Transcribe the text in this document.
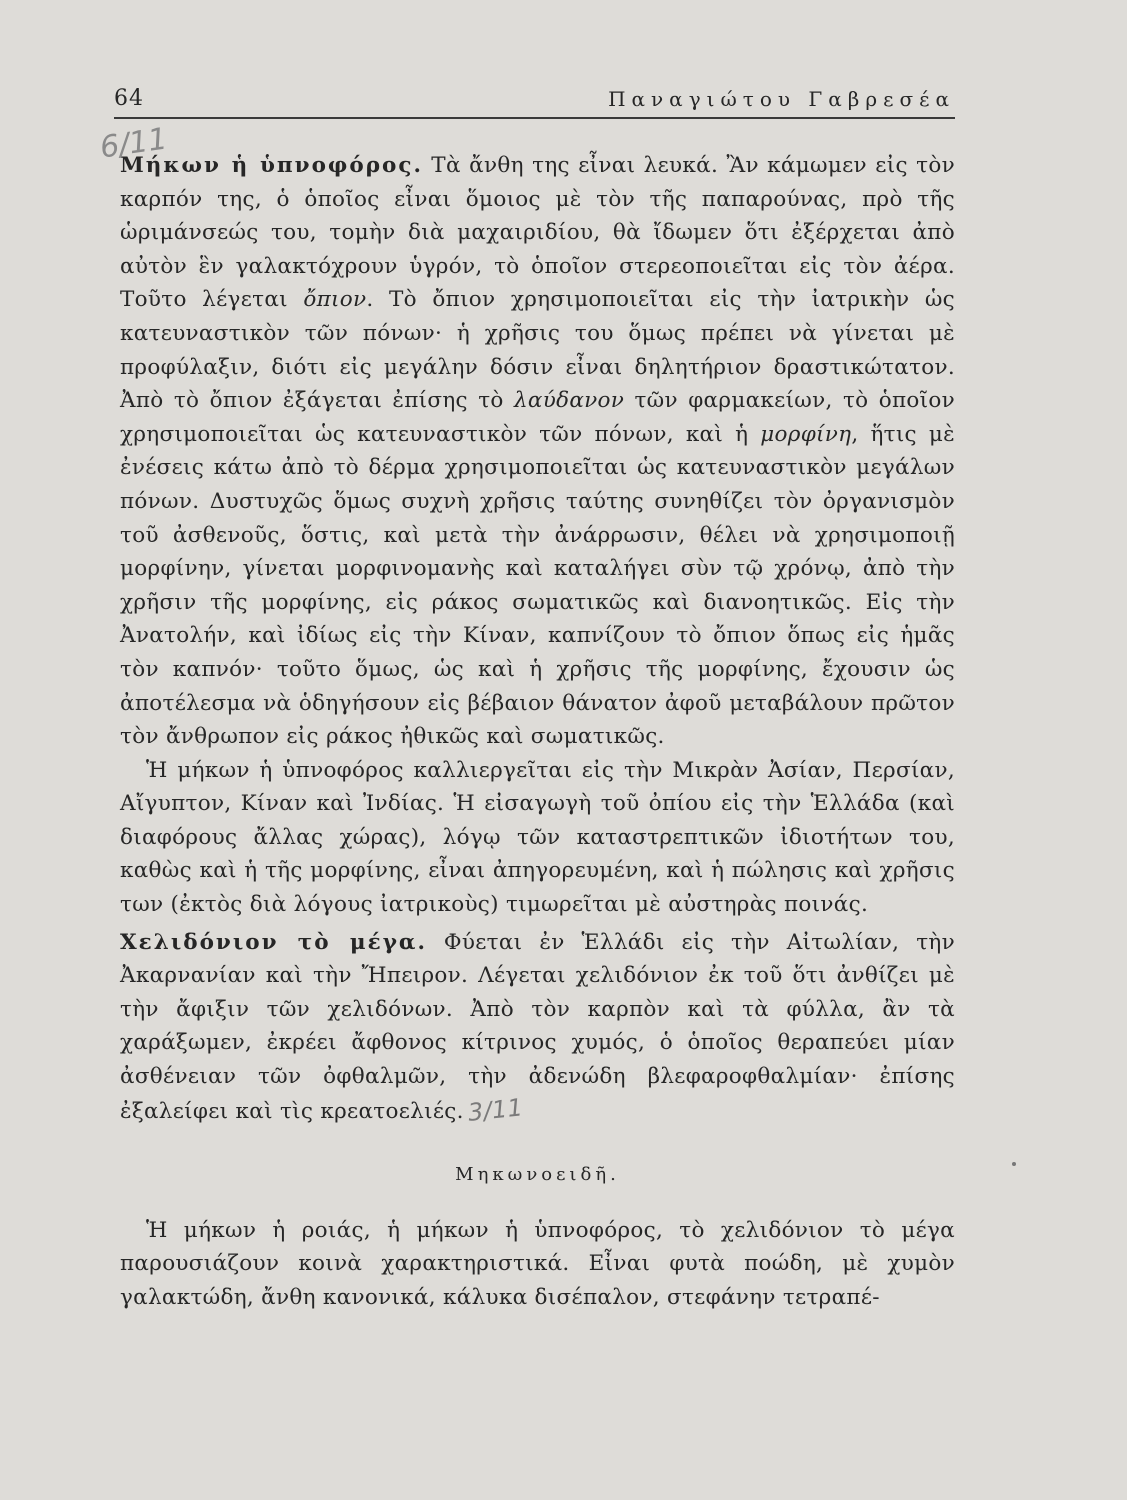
6/11
64	Παναγιώτου Γαβρεσέα

Μήκων ἡ ὑπνοφόρος. Τὰ ἄνθη της εἶναι λευκά. Ἂν κάμωμεν εἰς τὸν καρπόν της, ὁ ὁποῖος εἶναι ὅμοιος μὲ τὸν τῆς παπαρούνας, πρὸ τῆς ὡριμάνσεώς του, τομὴν διὰ μαχαιριδίου, θὰ ἴδωμεν ὅτι ἐξέρχεται ἀπὸ αὐτὸν ἓν γαλακτόχρουν ὑγρόν, τὸ ὁποῖον στερεοποιεῖται εἰς τὸν ἀέρα. Τοῦτο λέγεται ὄπιον. Τὸ ὄπιον χρησιμοποιεῖται εἰς τὴν ἰατρικὴν ὡς κατευναστικὸν τῶν πόνων· ἡ χρῆσις του ὅμως πρέπει νὰ γίνεται μὲ προφύλαξιν, διότι εἰς μεγάλην δόσιν εἶναι δηλητήριον δραστικώτατον. Ἀπὸ τὸ ὄπιον ἐξάγεται ἐπίσης τὸ λαύδανον τῶν φαρμακείων, τὸ ὁποῖον χρησιμοποιεῖται ὡς κατευναστικὸν τῶν πόνων, καὶ ἡ μορφίνη, ἥτις μὲ ἐνέσεις κάτω ἀπὸ τὸ δέρμα χρησιμοποιεῖται ὡς κατευναστικὸν μεγάλων πόνων. Δυστυχῶς ὅμως συχνὴ χρῆσις ταύτης συνηθίζει τὸν ὀργανισμὸν τοῦ ἀσθενοῦς, ὅστις, καὶ μετὰ τὴν ἀνάρρωσιν, θέλει νὰ χρησιμοποιῇ μορφίνην, γίνεται μορφινομανὴς καὶ καταλήγει σὺν τῷ χρόνῳ, ἀπὸ τὴν χρῆσιν τῆς μορφίνης, εἰς ράκος σωματικῶς καὶ διανοητικῶς. Εἰς τὴν Ἀνατολήν, καὶ ἰδίως εἰς τὴν Κίναν, καπνίζουν τὸ ὄπιον ὅπως εἰς ἡμᾶς τὸν καπνόν· τοῦτο ὅμως, ὡς καὶ ἡ χρῆσις τῆς μορφίνης, ἔχουσιν ὡς ἀποτέλεσμα νὰ ὁδηγήσουν εἰς βέβαιον θάνατον ἀφοῦ μεταβάλουν πρῶτον τὸν ἄνθρωπον εἰς ράκος ἠθικῶς καὶ σωματικῶς.

Ἡ μήκων ἡ ὑπνοφόρος καλλιεργεῖται εἰς τὴν Μικρὰν Ἀσίαν, Περσίαν, Αἴγυπτον, Κίναν καὶ Ἰνδίας. Ἡ εἰσαγωγὴ τοῦ ὀπίου εἰς τὴν Ἑλλάδα (καὶ διαφόρους ἄλλας χώρας), λόγῳ τῶν καταστρεπτικῶν ἰδιοτήτων του, καθὼς καὶ ἡ τῆς μορφίνης, εἶναι ἀπηγορευμένη, καὶ ἡ πώλησις καὶ χρῆσις των (ἐκτὸς διὰ λόγους ἰατρικοὺς) τιμωρεῖται μὲ αὐστηρὰς ποινάς.

Χελιδόνιον τὸ μέγα. Φύεται ἐν Ἑλλάδι εἰς τὴν Αἰτωλίαν, τὴν Ἀκαρνανίαν καὶ τὴν Ἤπειρον. Λέγεται χελιδόνιον ἐκ τοῦ ὅτι ἀνθίζει μὲ τὴν ἄφιξιν τῶν χελιδόνων. Ἀπὸ τὸν καρπὸν καὶ τὰ φύλλα, ἂν τὰ χαράξωμεν, ἐκρέει ἄφθονος κίτρινος χυμός, ὁ ὁποῖος θεραπεύει μίαν ἀσθένειαν τῶν ὀφθαλμῶν, τὴν ἀδενώδη βλεφαροφθαλμίαν· ἐπίσης ἐξαλείφει καὶ τὶς κρεατοελιές. 3/11

Μηκωνοειδῆ.

Ἡ μήκων ἡ ροιάς, ἡ μήκων ἡ ὑπνοφόρος, τὸ χελιδόνιον τὸ μέγα παρουσιάζουν κοινὰ χαρακτηριστικά. Εἶναι φυτὰ ποώδη, μὲ χυμὸν γαλακτώδη, ἄνθη κανονικά, κάλυκα δισέπαλον, στεφάνην τετραπέ-
